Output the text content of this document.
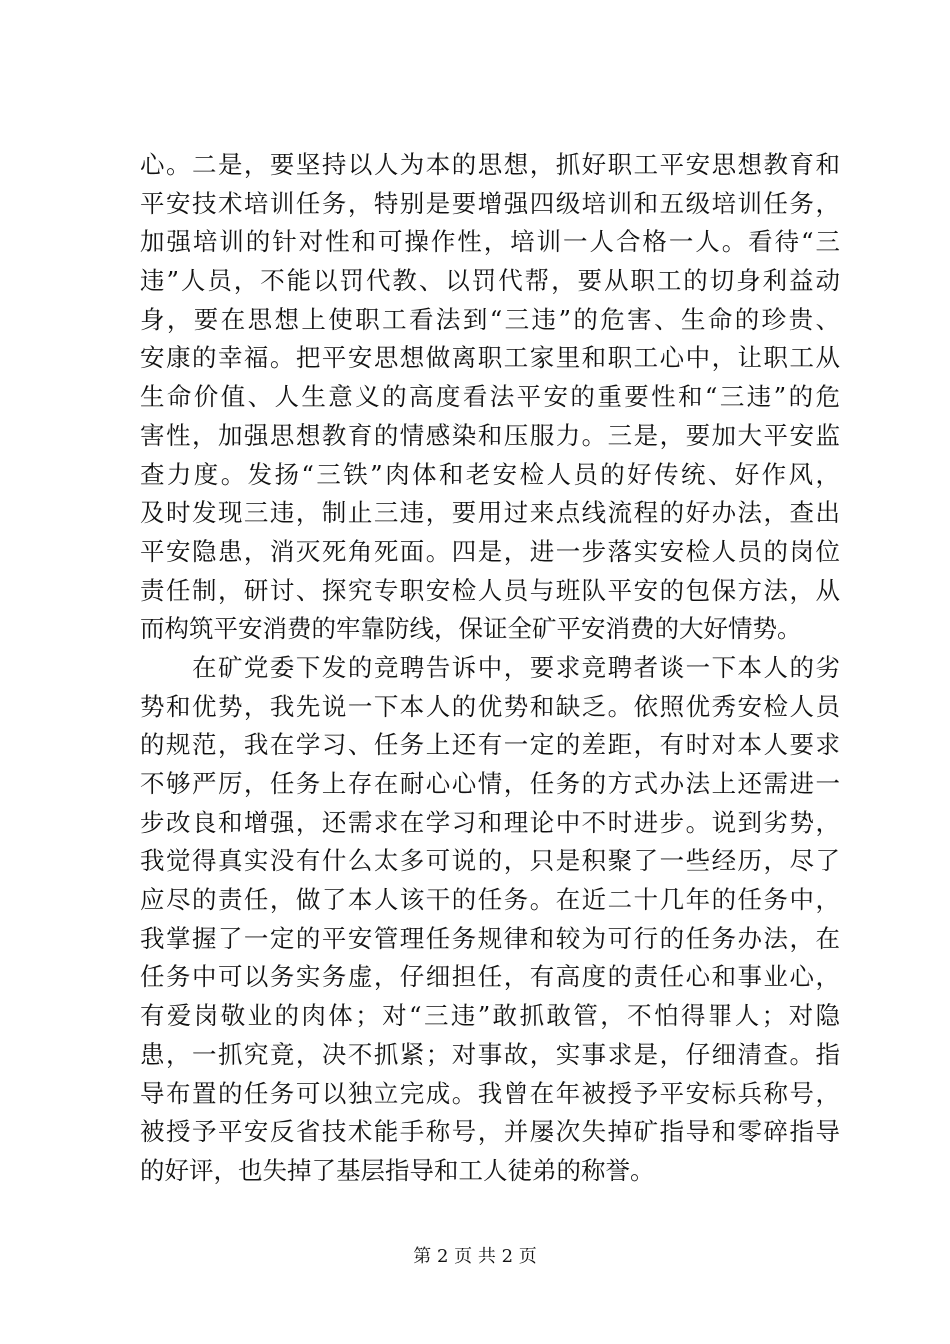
心。二是，要坚持以人为本的思想，抓好职工平安思想教育和
平安技术培训任务，特别是要增强四级培训和五级培训任务，
加强培训的针对性和可操作性，培训一人合格一人。看待“三
违”人员，不能以罚代教、以罚代帮，要从职工的切身利益动
身，要在思想上使职工看法到“三违”的危害、生命的珍贵、
安康的幸福。把平安思想做离职工家里和职工心中，让职工从
生命价值、人生意义的高度看法平安的重要性和“三违”的危
害性，加强思想教育的情感染和压服力。三是，要加大平安监
查力度。发扬“三铁”肉体和老安检人员的好传统、好作风，
及时发现三违，制止三违，要用过来点线流程的好办法，查出
平安隐患，消灭死角死面。四是，进一步落实安检人员的岗位
责任制，研讨、探究专职安检人员与班队平安的包保方法，从
而构筑平安消费的牢靠防线，保证全矿平安消费的大好情势。
　　在矿党委下发的竞聘告诉中，要求竞聘者谈一下本人的劣
势和优势，我先说一下本人的优势和缺乏。依照优秀安检人员
的规范，我在学习、任务上还有一定的差距，有时对本人要求
不够严厉，任务上存在耐心心情，任务的方式办法上还需进一
步改良和增强，还需求在学习和理论中不时进步。说到劣势，
我觉得真实没有什么太多可说的，只是积聚了一些经历，尽了
应尽的责任，做了本人该干的任务。在近二十几年的任务中，
我掌握了一定的平安管理任务规律和较为可行的任务办法，在
任务中可以务实务虚，仔细担任，有高度的责任心和事业心，
有爱岗敬业的肉体；对“三违”敢抓敢管，不怕得罪人；对隐
患，一抓究竟，决不抓紧；对事故，实事求是，仔细清查。指
导布置的任务可以独立完成。我曾在年被授予平安标兵称号，
被授予平安反省技术能手称号，并屡次失掉矿指导和零碎指导
的好评，也失掉了基层指导和工人徒弟的称誉。
第 2 页 共 2 页
